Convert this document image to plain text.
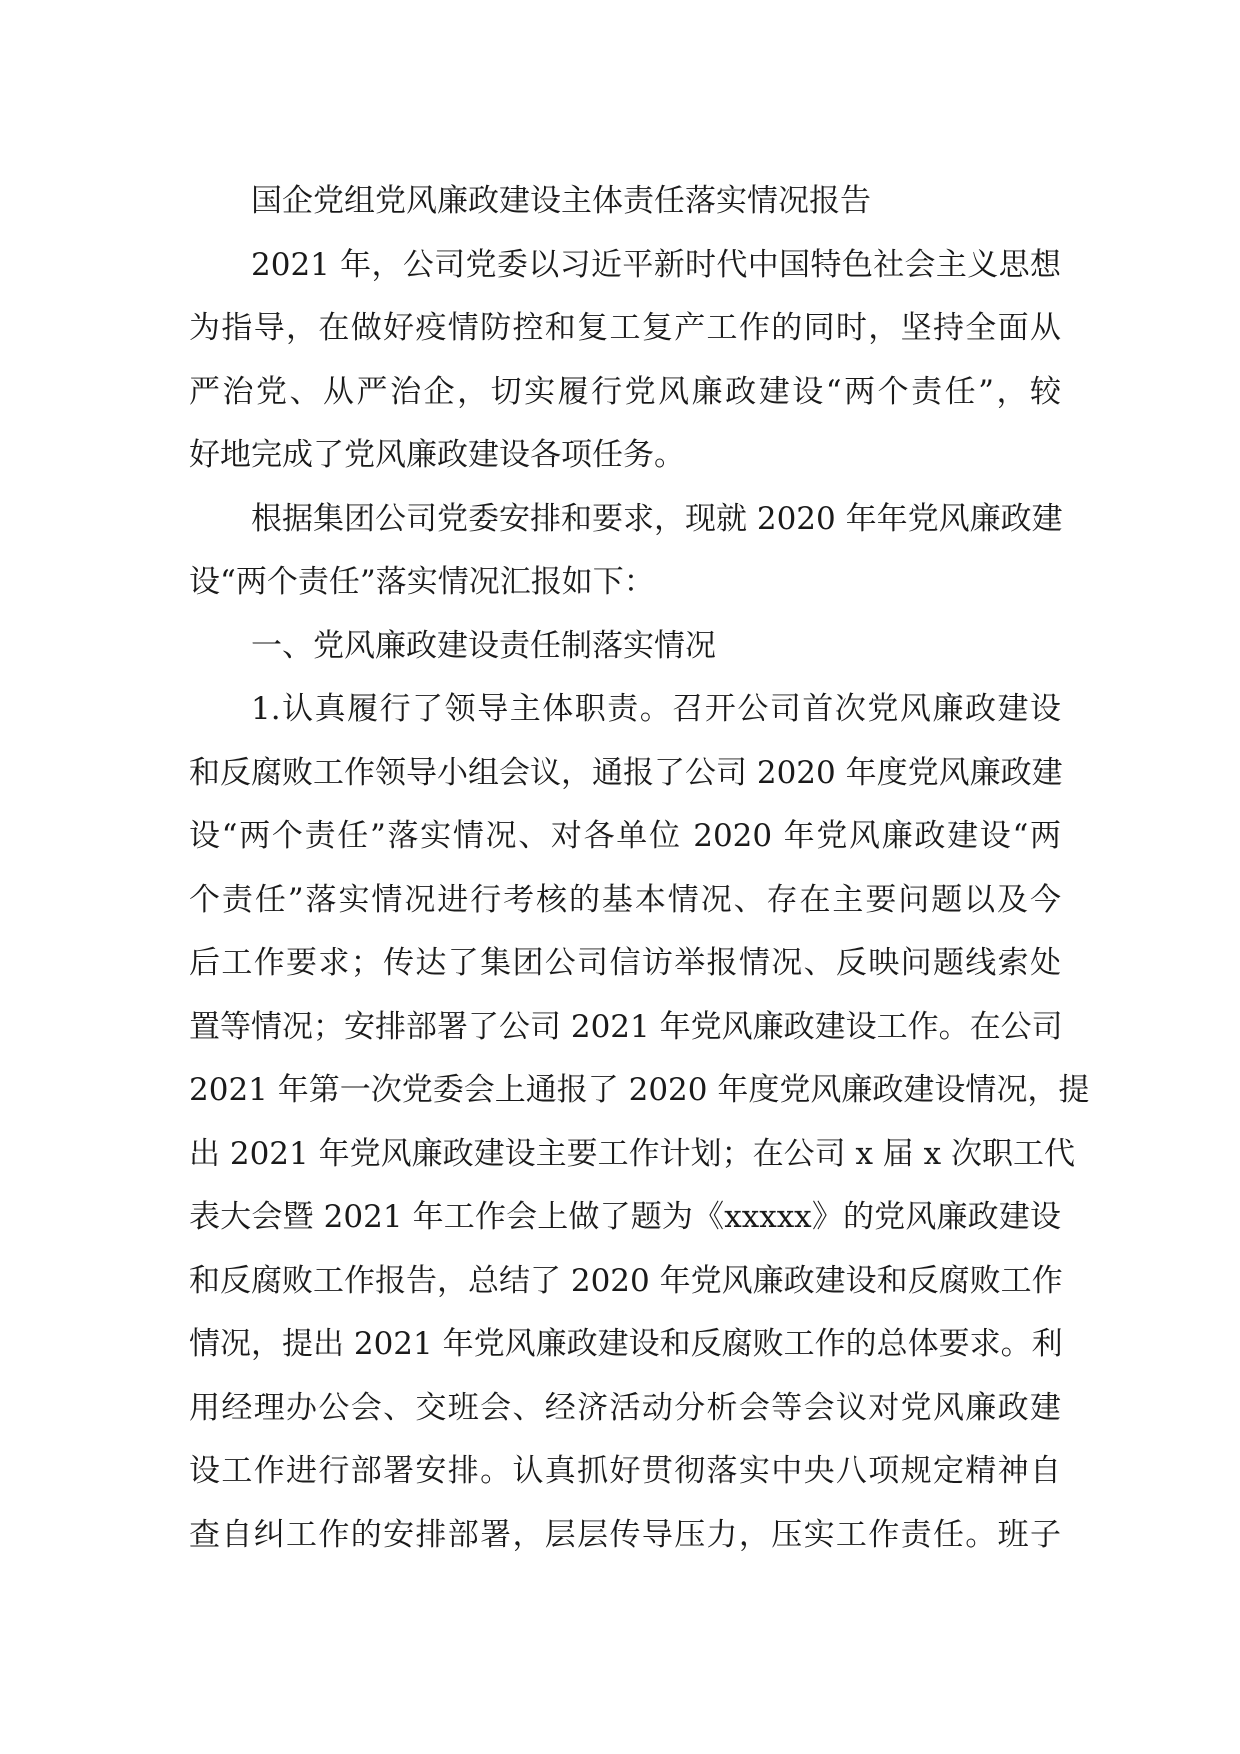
国企党组党风廉政建设主体责任落实情况报告
2021 年，公司党委以习近平新时代中国特色社会主义思想
为指导，在做好疫情防控和复工复产工作的同时，坚持全面从
严治党、从严治企，切实履行党风廉政建设“两个责任”，较
好地完成了党风廉政建设各项任务。
根据集团公司党委安排和要求，现就 2020 年年党风廉政建
设“两个责任”落实情况汇报如下：
一、党风廉政建设责任制落实情况
1.认真履行了领导主体职责。召开公司首次党风廉政建设
和反腐败工作领导小组会议，通报了公司 2020 年度党风廉政建
设“两个责任”落实情况、对各单位 2020 年党风廉政建设“两
个责任”落实情况进行考核的基本情况、存在主要问题以及今
后工作要求；传达了集团公司信访举报情况、反映问题线索处
置等情况；安排部署了公司 2021 年党风廉政建设工作。在公司
2021 年第一次党委会上通报了 2020 年度党风廉政建设情况，提
出 2021 年党风廉政建设主要工作计划；在公司 x 届 x 次职工代
表大会暨 2021 年工作会上做了题为《xxxxx》的党风廉政建设
和反腐败工作报告，总结了 2020 年党风廉政建设和反腐败工作
情况，提出 2021 年党风廉政建设和反腐败工作的总体要求。利
用经理办公会、交班会、经济活动分析会等会议对党风廉政建
设工作进行部署安排。认真抓好贯彻落实中央八项规定精神自
查自纠工作的安排部署，层层传导压力，压实工作责任。班子
